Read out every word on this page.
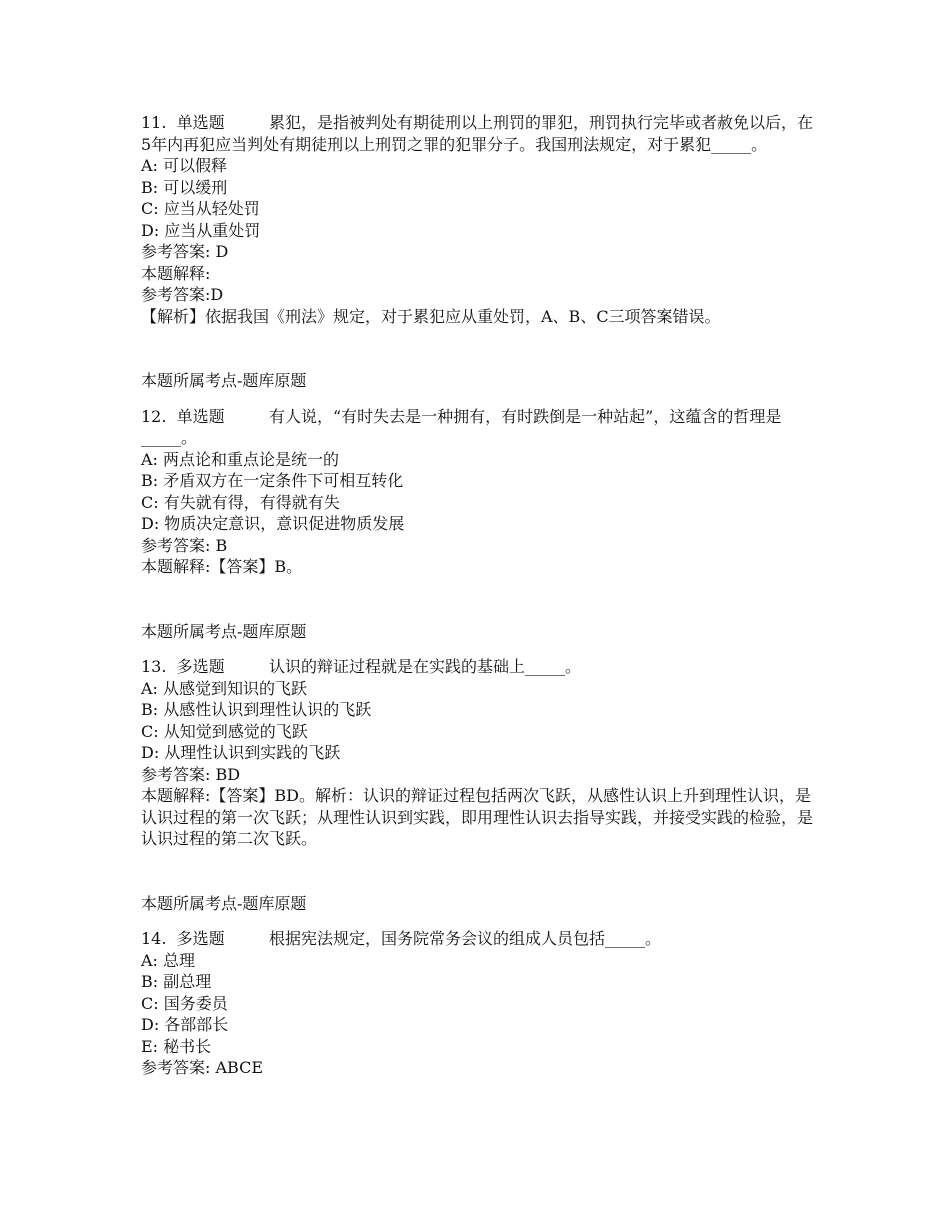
11. 单选题	累犯，是指被判处有期徒刑以上刑罚的罪犯，刑罚执行完毕或者赦免以后，在5年内再犯应当判处有期徒刑以上刑罚之罪的犯罪分子。我国刑法规定，对于累犯_____。

A: 可以假释

B: 可以缓刑

C: 应当从轻处罚

D: 应当从重处罚

参考答案: D

本题解释:

参考答案:D

【解析】依据我国《刑法》规定，对于累犯应从重处罚，A、B、C三项答案错误。

本题所属考点-题库原题

12. 单选题	有人说，“有时失去是一种拥有，有时跌倒是一种站起”，这蕴含的哲理是_____。

A: 两点论和重点论是统一的

B: 矛盾双方在一定条件下可相互转化

C: 有失就有得，有得就有失

D: 物质决定意识，意识促进物质发展

参考答案: B

本题解释:【答案】B。

本题所属考点-题库原题

13. 多选题	认识的辩证过程就是在实践的基础上_____。

A: 从感觉到知识的飞跃

B: 从感性认识到理性认识的飞跃

C: 从知觉到感觉的飞跃

D: 从理性认识到实践的飞跃

参考答案: BD

本题解释:【答案】BD。解析：认识的辩证过程包括两次飞跃，从感性认识上升到理性认识，是认识过程的第一次飞跃；从理性认识到实践，即用理性认识去指导实践，并接受实践的检验，是认识过程的第二次飞跃。

本题所属考点-题库原题

14. 多选题	根据宪法规定，国务院常务会议的组成人员包括_____。

A: 总理

B: 副总理

C: 国务委员

D: 各部部长

E: 秘书长

参考答案: ABCE
